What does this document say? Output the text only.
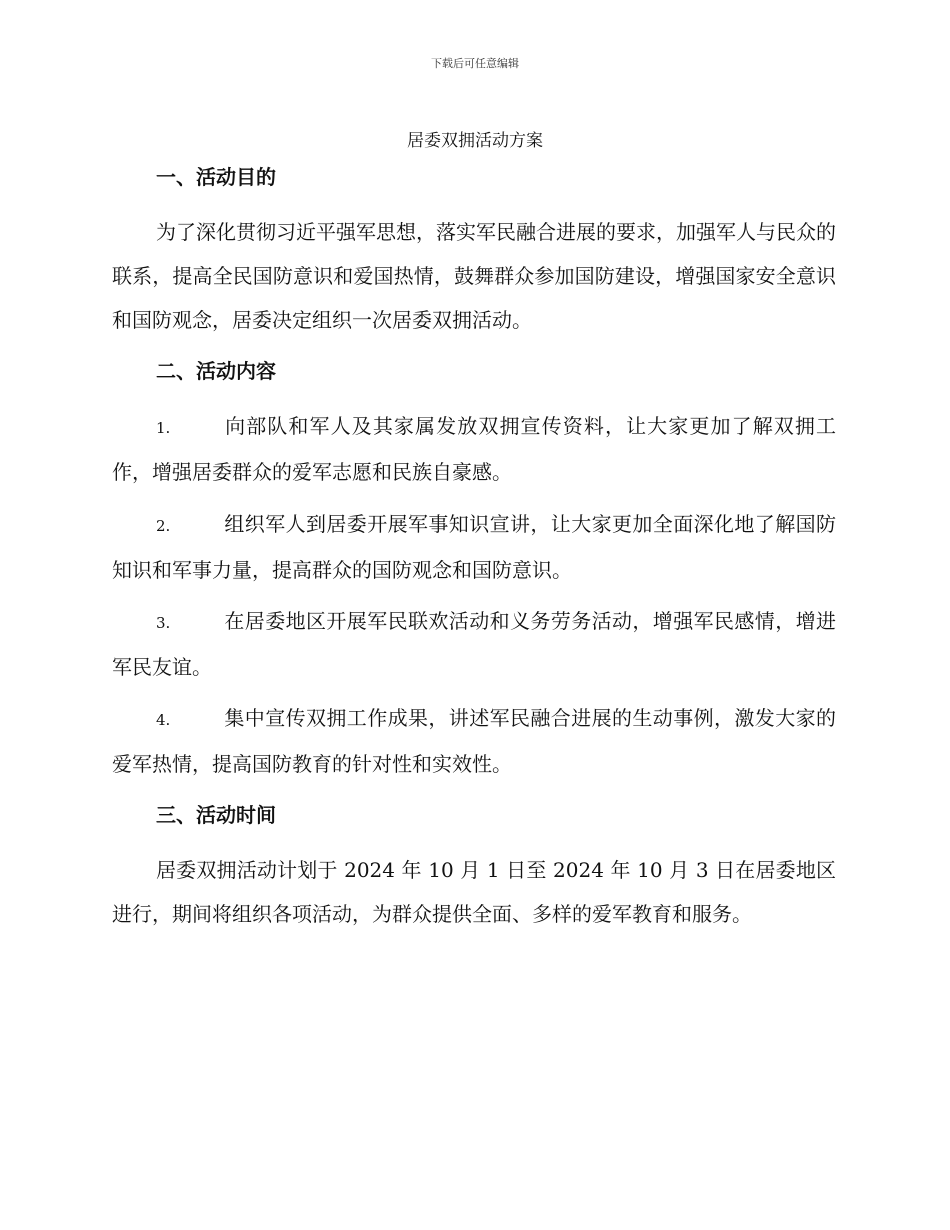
下载后可任意编辑
居委双拥活动方案
一、活动目的

为了深化贯彻习近平强军思想，落实军民融合进展的要求，加强军人与民众的联系，提高全民国防意识和爱国热情，鼓舞群众参加国防建设，增强国家安全意识和国防观念，居委决定组织一次居委双拥活动。

二、活动内容

1.	向部队和军人及其家属发放双拥宣传资料，让大家更加了解双拥工作，增强居委群众的爱军志愿和民族自豪感。

2.	组织军人到居委开展军事知识宣讲，让大家更加全面深化地了解国防知识和军事力量，提高群众的国防观念和国防意识。

3.	在居委地区开展军民联欢活动和义务劳务活动，增强军民感情，增进军民友谊。

4.	集中宣传双拥工作成果，讲述军民融合进展的生动事例，激发大家的爱军热情，提高国防教育的针对性和实效性。

三、活动时间

居委双拥活动计划于 2024 年 10 月 1 日至 2024 年 10 月 3 日在居委地区进行，期间将组织各项活动，为群众提供全面、多样的爱军教育和服务。
